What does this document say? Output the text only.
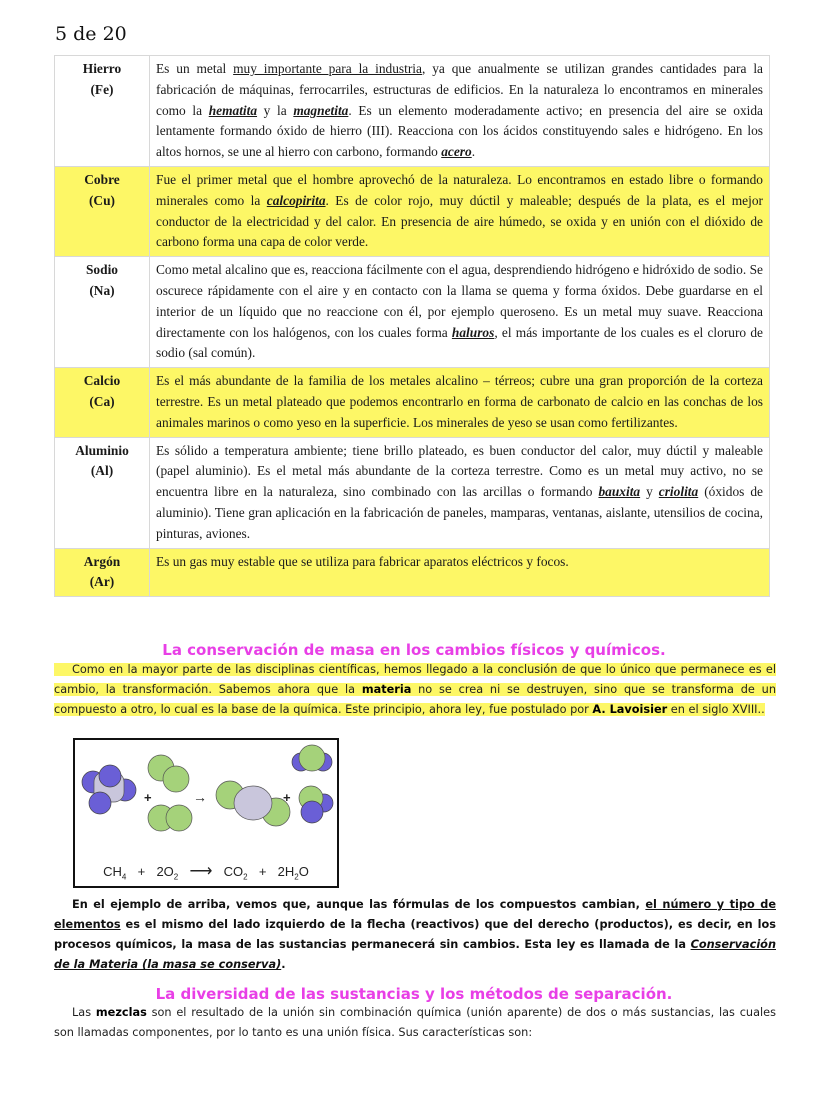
5 de 20
Hierro
(Fe)	Es un metal muy importante para la industria, ya que anualmente se utilizan grandes cantidades para la fabricación de máquinas, ferrocarriles, estructuras de edificios. En la naturaleza lo encontramos en minerales como la hematita y la magnetita. Es un elemento moderadamente activo; en presencia del aire se oxida lentamente formando óxido de hierro (III). Reacciona con los ácidos constituyendo sales e hidrógeno. En los altos hornos, se une al hierro con carbono, formando acero.

Cobre
(Cu)	Fue el primer metal que el hombre aprovechó de la naturaleza. Lo encontramos en estado libre o formando minerales como la calcopirita. Es de color rojo, muy dúctil y maleable; después de la plata, es el mejor conductor de la electricidad y del calor. En presencia de aire húmedo, se oxida y en unión con el dióxido de carbono forma una capa de color verde.

Sodio
(Na)	Como metal alcalino que es, reacciona fácilmente con el agua, desprendiendo hidrógeno e hidróxido de sodio. Se oscurece rápidamente con el aire y en contacto con la llama se quema y forma óxidos. Debe guardarse en el interior de un líquido que no reaccione con él, por ejemplo queroseno. Es un metal muy suave. Reacciona directamente con los halógenos, con los cuales forma haluros, el más importante de los cuales es el cloruro de sodio (sal común).

Calcio
(Ca)	Es el más abundante de la familia de los metales alcalino – térreos; cubre una gran proporción de la corteza terrestre. Es un metal plateado que podemos encontrarlo en forma de carbonato de calcio en las conchas de los animales marinos o como yeso en la superficie. Los minerales de yeso se usan como fertilizantes.

Aluminio
(Al)	Es sólido a temperatura ambiente; tiene brillo plateado, es buen conductor del calor, muy dúctil y maleable (papel aluminio). Es el metal más abundante de la corteza terrestre. Como es un metal muy activo, no se encuentra libre en la naturaleza, sino combinado con las arcillas o formando bauxita y criolita (óxidos de aluminio). Tiene gran aplicación en la fabricación de paneles, mamparas, ventanas, aislante, utensilios de cocina, pinturas, aviones.

Argón
(Ar)	Es un gas muy estable que se utiliza para fabricar aparatos eléctricos y focos.
La conservación de masa en los cambios físicos y químicos.
Como en la mayor parte de las disciplinas científicas, hemos llegado a la conclusión de que lo único que permanece es el cambio, la transformación. Sabemos ahora que la materia no se crea ni se destruyen, sino que se transforma de un compuesto a otro, lo cual es la base de la química. Este principio, ahora ley, fue postulado por A. Lavoisier en el siglo XVIII..
+	→	+
$CH_4 + 2O_2$ ⟶ $CO_2 + 2H_2O$
En el ejemplo de arriba, vemos que, aunque las fórmulas de los compuestos cambian, el número y tipo de elementos es el mismo del lado izquierdo de la flecha (reactivos) que del derecho (productos), es decir, en los procesos químicos, la masa de las sustancias permanecerá sin cambios. Esta ley es llamada de la Conservación de la Materia (la masa se conserva).
La diversidad de las sustancias y los métodos de separación.
Las mezclas son el resultado de la unión sin combinación química (unión aparente) de dos o más sustancias, las cuales son llamadas componentes, por lo tanto es una unión física. Sus características son:
